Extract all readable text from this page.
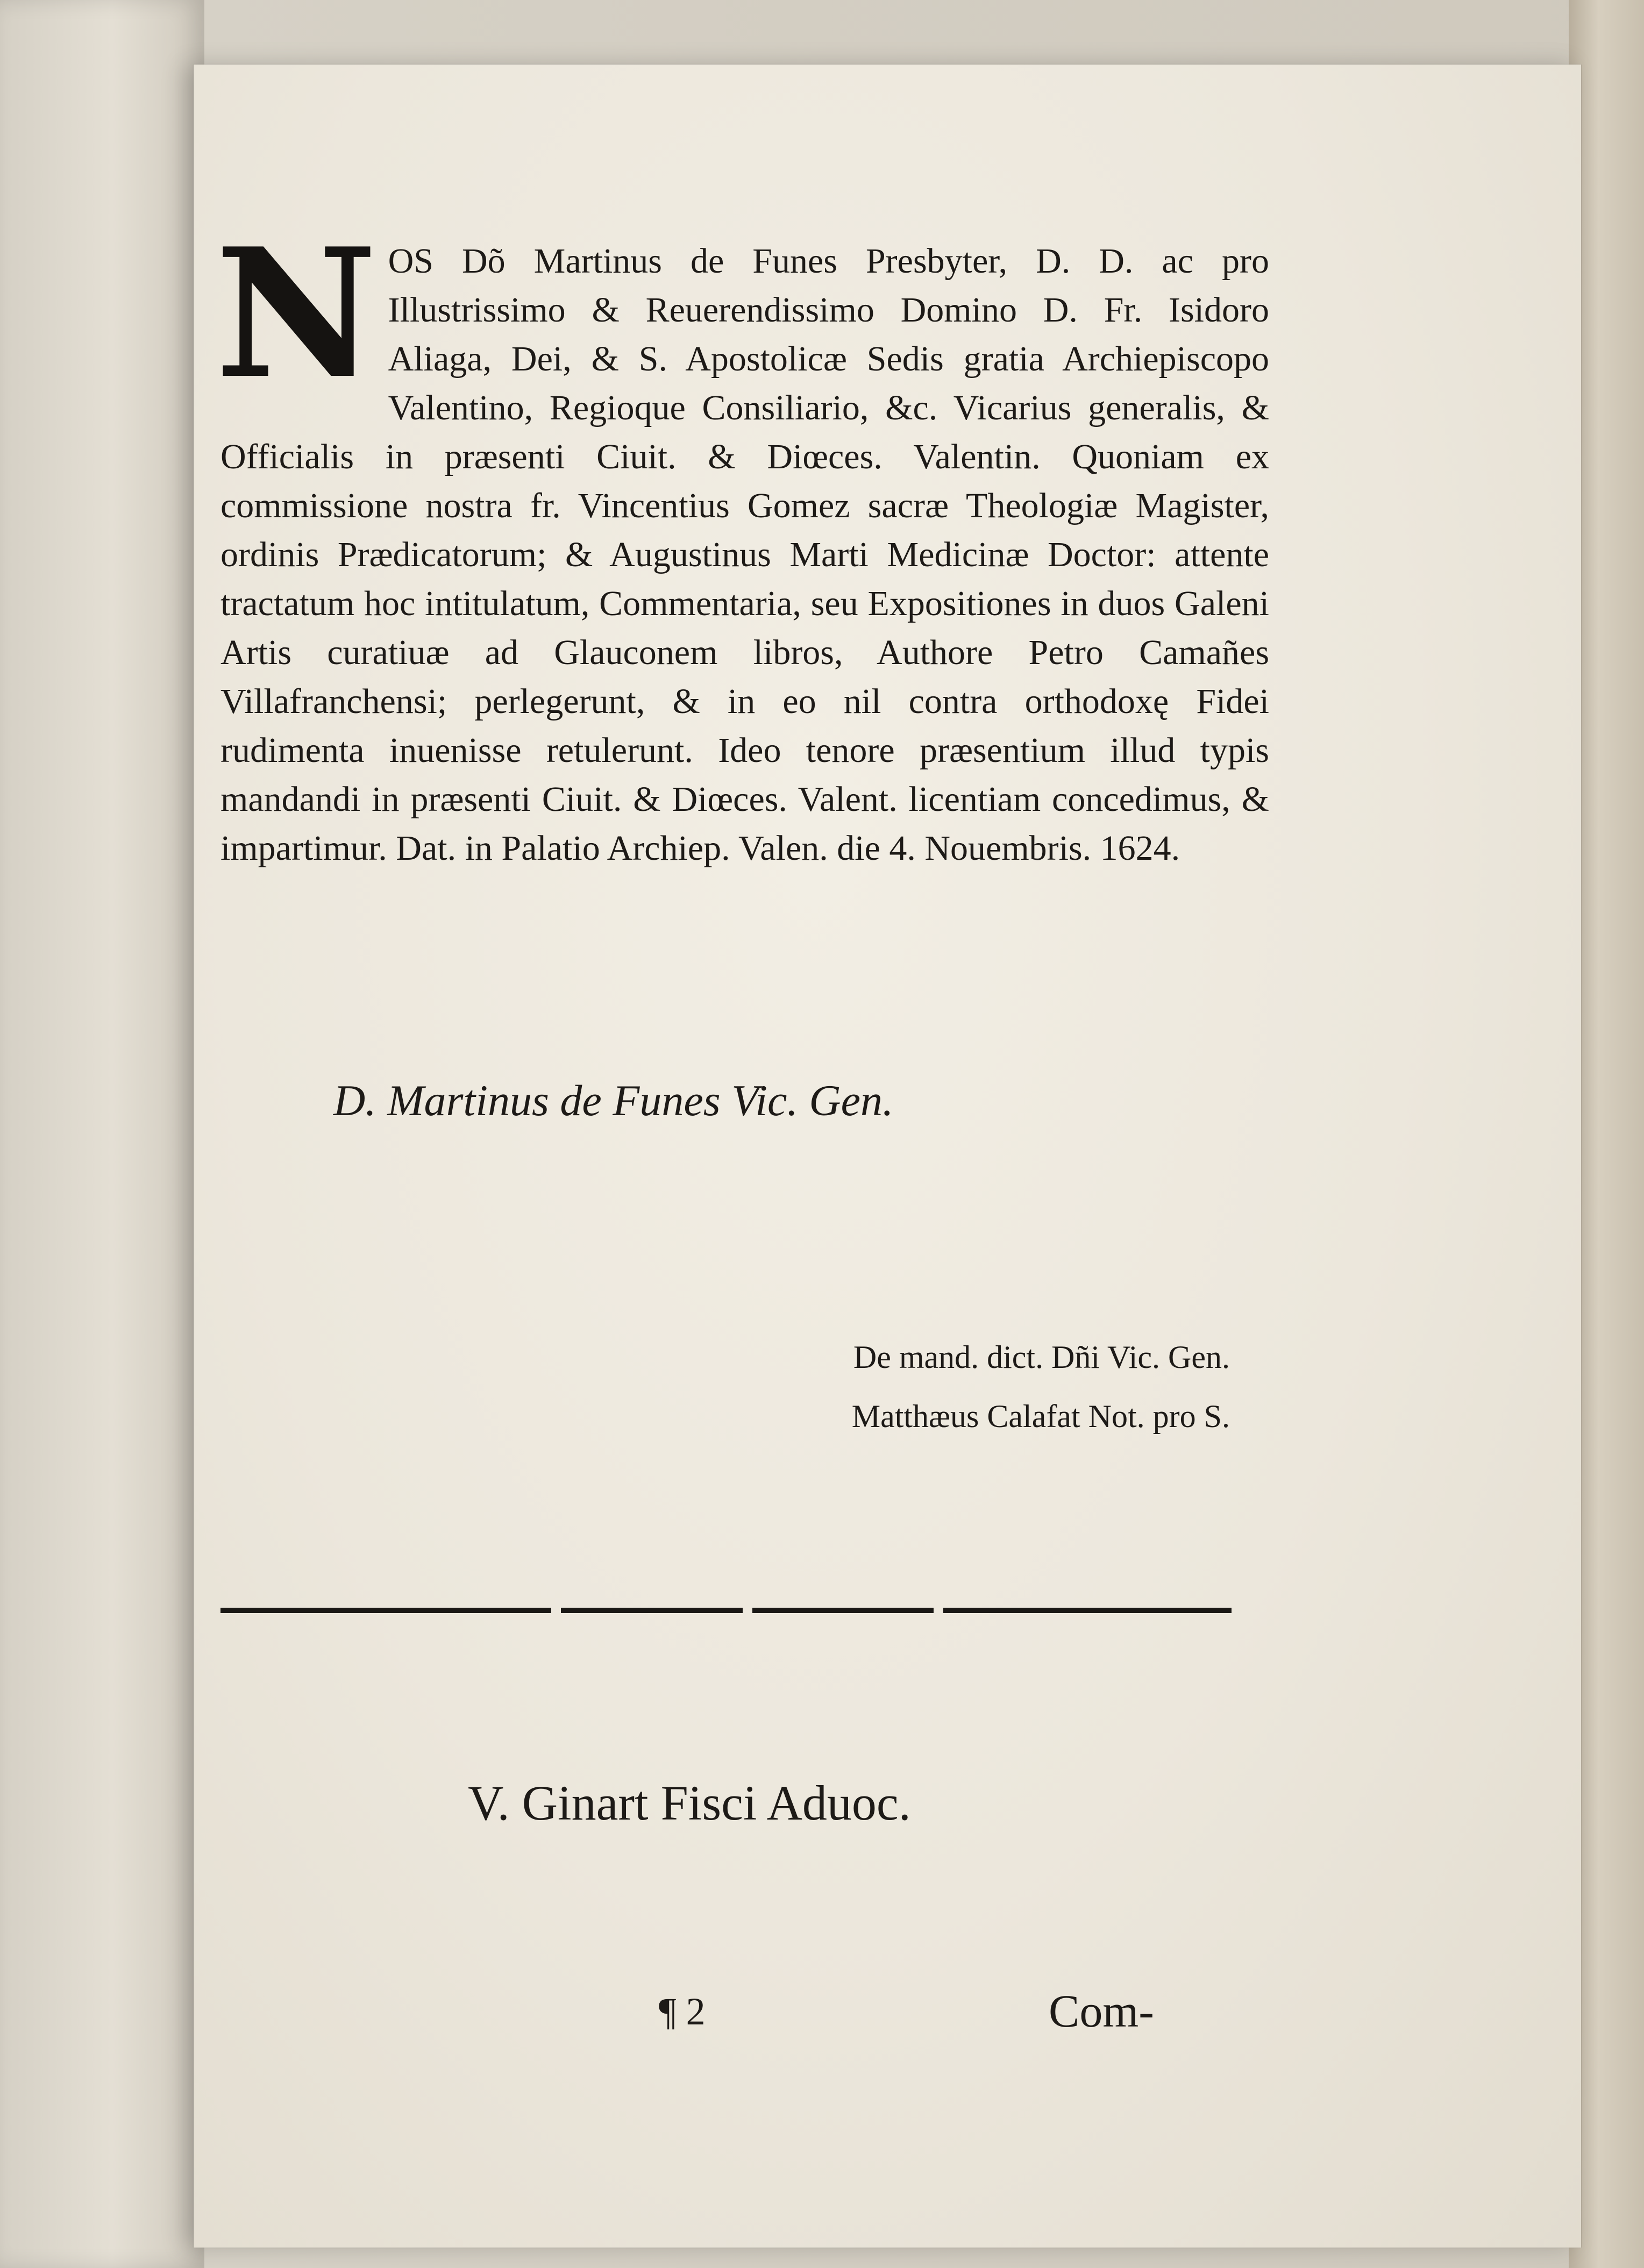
N OS Dõ Martinus de Funes Presbyter, D. D. ac pro Illustrissimo & Reuerendissimo Domino D. Fr. Isidoro Aliaga, Dei, & S. Apostolicæ Sedis gratia Archiepiscopo Valentino, Regioque Consiliario, &c. Vicarius generalis, & Officialis in præsenti Ciuit. & Diœces. Valentin. Quoniam ex commissione nostra fr. Vincentius Gomez sacræ Theologiæ Magister, ordinis Prædicatorum; & Augustinus Marti Medicinæ Doctor: attente tractatum hoc intitulatum, Commentaria, seu Expositiones in duos Galeni Artis curatiuæ ad Glauconem libros, Authore Petro Camañes Villafranchensi; perlegerunt, & in eo nil contra orthodoxę Fidei rudimenta inuenisse retulerunt. Ideo tenore præsentium illud typis mandandi in præsenti Ciuit. & Diœces. Valent. licentiam concedimus, & impartimur. Dat. in Palatio Archiep. Valen. die 4. Nouembris. 1624.

D. Martinus de Funes Vic. Gen.
De mand. dict. Dñi Vic. Gen.
Matthæus Calafat Not. pro S.
V. Ginart Fisci Aduoc.
¶ 2	Com-
